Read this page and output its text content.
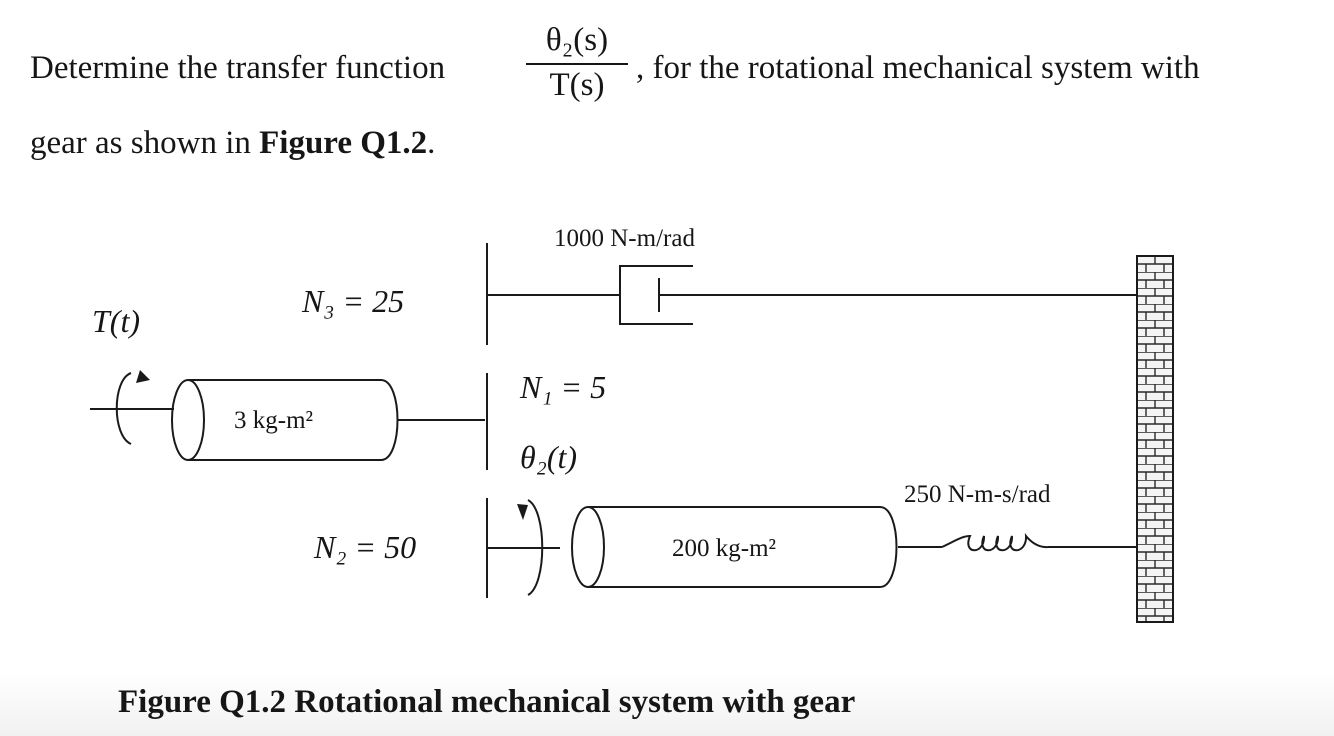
Determine the transfer function
θ₂(s)
T(s) , for the rotational mechanical system with
gear as shown in Figure Q1.2.
T(t)
N₃ = 25
N₁ = 5
θ₂(t)
N₂ = 50
3 kg-m²
200 kg-m²
1000 N-m/rad
250 N-m-s/rad
Figure Q1.2 Rotational mechanical system with gear
